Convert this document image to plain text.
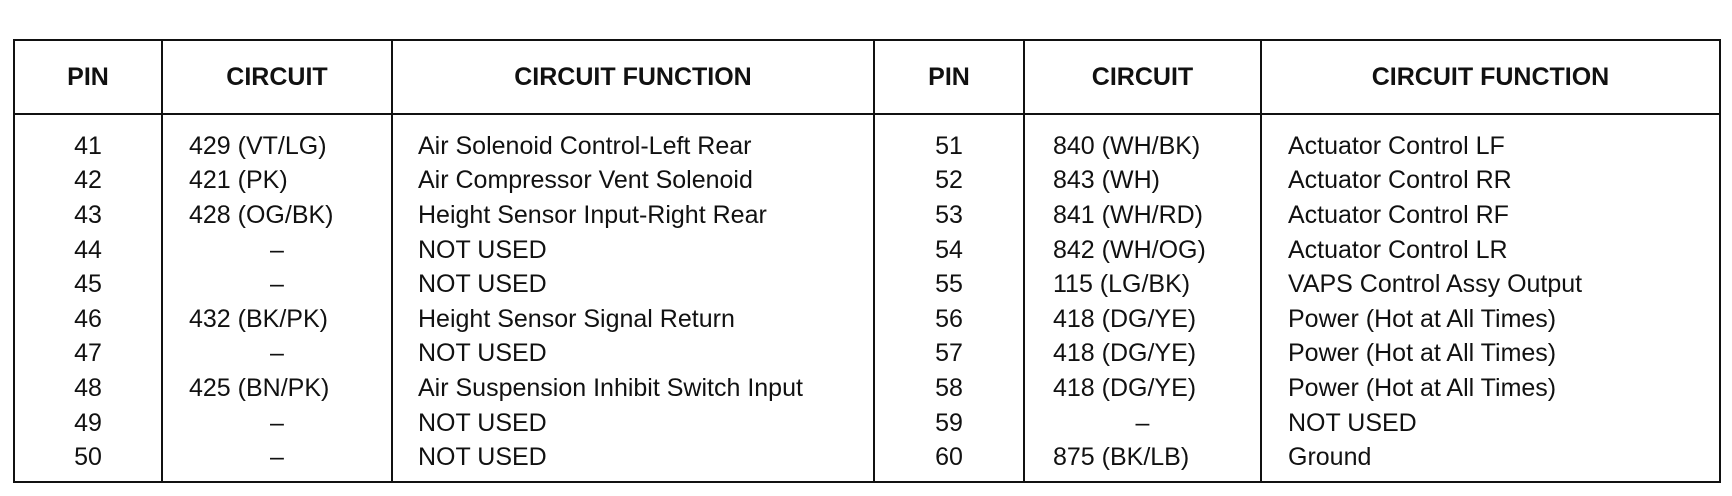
PIN	CIRCUIT	CIRCUIT FUNCTION	PIN	CIRCUIT	CIRCUIT FUNCTION
41	429 (VT/LG)	Air Solenoid Control-Left Rear	51	840 (WH/BK)	Actuator Control LF
42	421 (PK)	Air Compressor Vent Solenoid	52	843 (WH)	Actuator Control RR
43	428 (OG/BK)	Height Sensor Input-Right Rear	53	841 (WH/RD)	Actuator Control RF
44	–	NOT USED	54	842 (WH/OG)	Actuator Control LR
45	–	NOT USED	55	115 (LG/BK)	VAPS Control Assy Output
46	432 (BK/PK)	Height Sensor Signal Return	56	418 (DG/YE)	Power (Hot at All Times)
47	–	NOT USED	57	418 (DG/YE)	Power (Hot at All Times)
48	425 (BN/PK)	Air Suspension Inhibit Switch Input	58	418 (DG/YE)	Power (Hot at All Times)
49	–	NOT USED	59	–	NOT USED
50	–	NOT USED	60	875 (BK/LB)	Ground
